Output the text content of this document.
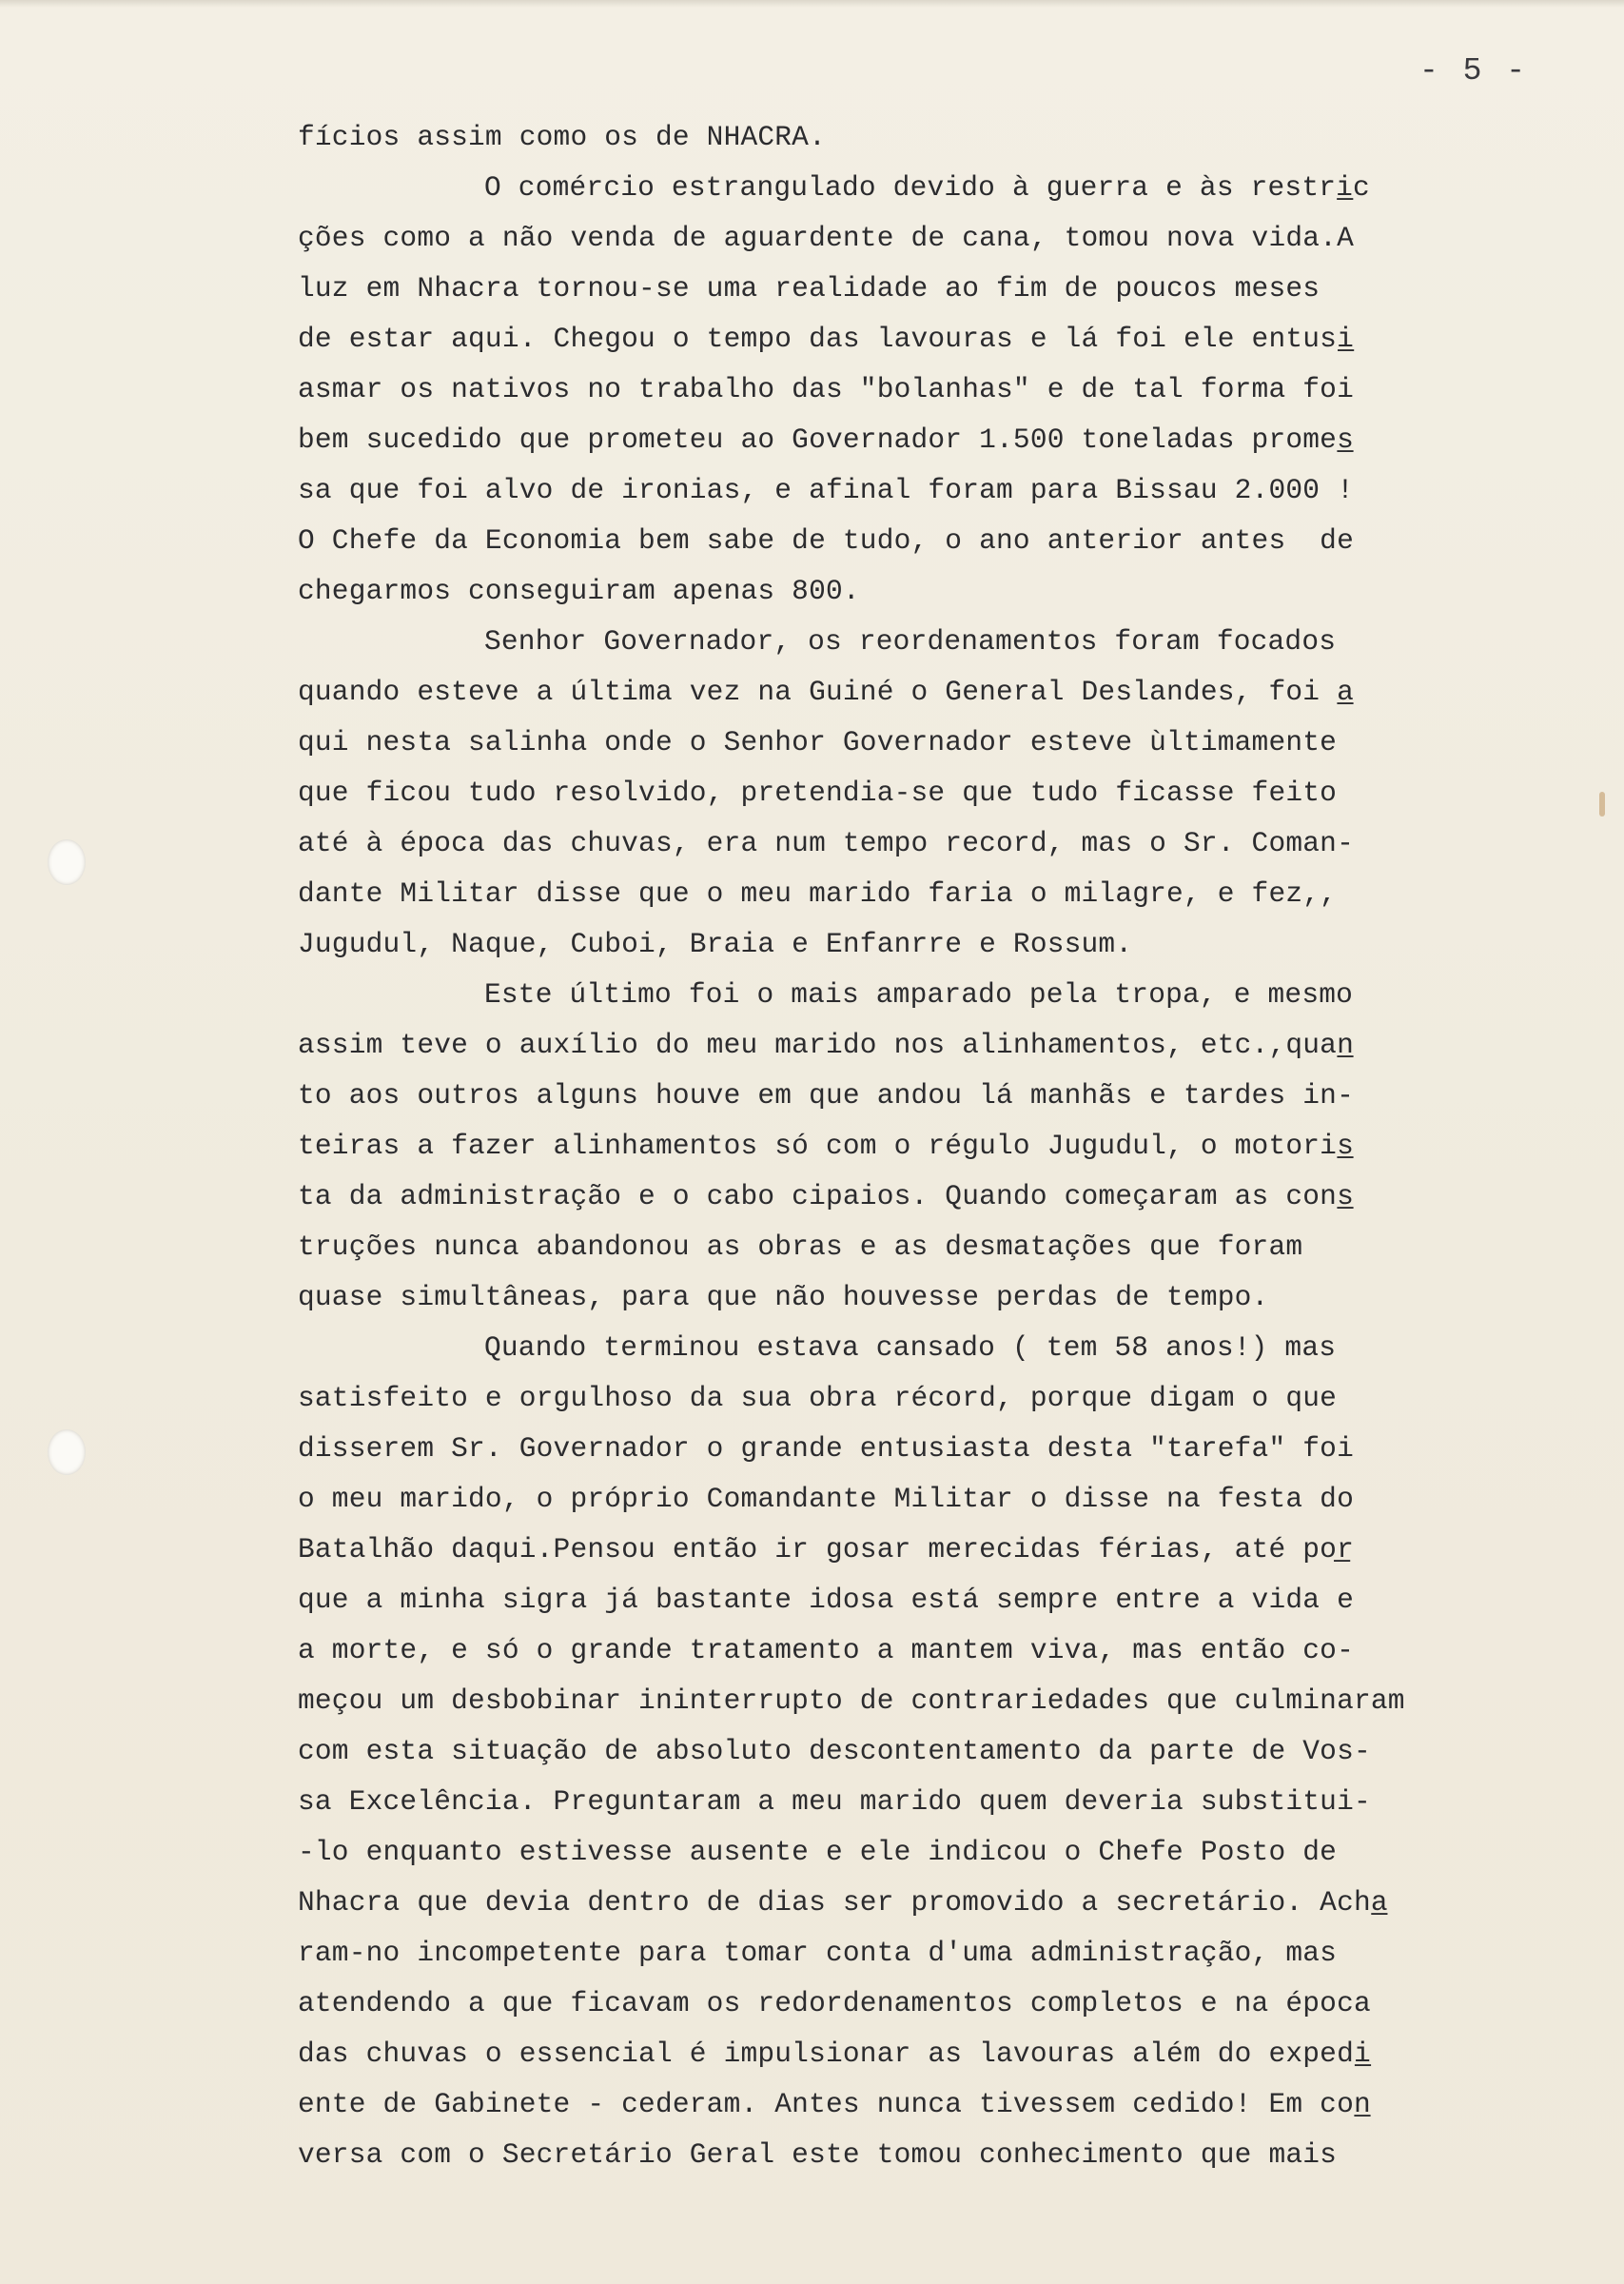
- 5 -
fícios assim como os de NHACRA.
O comércio estrangulado devido à guerra e às restri̲c
ções como a não venda de aguardente de cana, tomou nova vida.A
luz em Nhacra tornou-se uma realidade ao fim de poucos meses
de estar aqui. Chegou o tempo das lavouras e lá foi ele entusi̲
asmar os nativos no trabalho das "bolanhas" e de tal forma foi
bem sucedido que prometeu ao Governador 1.500 toneladas promes̲
sa que foi alvo de ironias, e afinal foram para Bissau 2.000 !
O Chefe da Economia bem sabe de tudo, o ano anterior antes  de
chegarmos conseguiram apenas 800.
Senhor Governador, os reordenamentos foram focados
quando esteve a última vez na Guiné o General Deslandes, foi a̲
qui nesta salinha onde o Senhor Governador esteve ùltimamente
que ficou tudo resolvido, pretendia-se que tudo ficasse feito
até à época das chuvas, era num tempo record, mas o Sr. Coman-
dante Militar disse que o meu marido faria o milagre, e fez,,
Jugudul, Naque, Cuboi, Braia e Enfanrre e Rossum.
Este último foi o mais amparado pela tropa, e mesmo
assim teve o auxílio do meu marido nos alinhamentos, etc.,quan̲
to aos outros alguns houve em que andou lá manhãs e tardes in-
teiras a fazer alinhamentos só com o régulo Jugudul, o motoris̲
ta da administração e o cabo cipaios. Quando começaram as cons̲
truções nunca abandonou as obras e as desmatações que foram
quase simultâneas, para que não houvesse perdas de tempo.
Quando terminou estava cansado ( tem 58 anos!) mas
satisfeito e orgulhoso da sua obra récord, porque digam o que
disserem Sr. Governador o grande entusiasta desta "tarefa" foi
o meu marido, o próprio Comandante Militar o disse na festa do
Batalhão daqui.Pensou então ir gosar merecidas férias, até por̲
que a minha sigra já bastante idosa está sempre entre a vida e
a morte, e só o grande tratamento a mantem viva, mas então co-
meçou um desbobinar ininterrupto de contrariedades que culminaram
com esta situação de absoluto descontentamento da parte de Vos-
sa Excelência. Preguntaram a meu marido quem deveria substitui-
-lo enquanto estivesse ausente e ele indicou o Chefe Posto de
Nhacra que devia dentro de dias ser promovido a secretário. Acha̲
ram-no incompetente para tomar conta d'uma administração, mas
atendendo a que ficavam os redordenamentos completos e na época
das chuvas o essencial é impulsionar as lavouras além do expedi̲
ente de Gabinete - cederam. Antes nunca tivessem cedido! Em con̲
versa com o Secretário Geral este tomou conhecimento que mais
